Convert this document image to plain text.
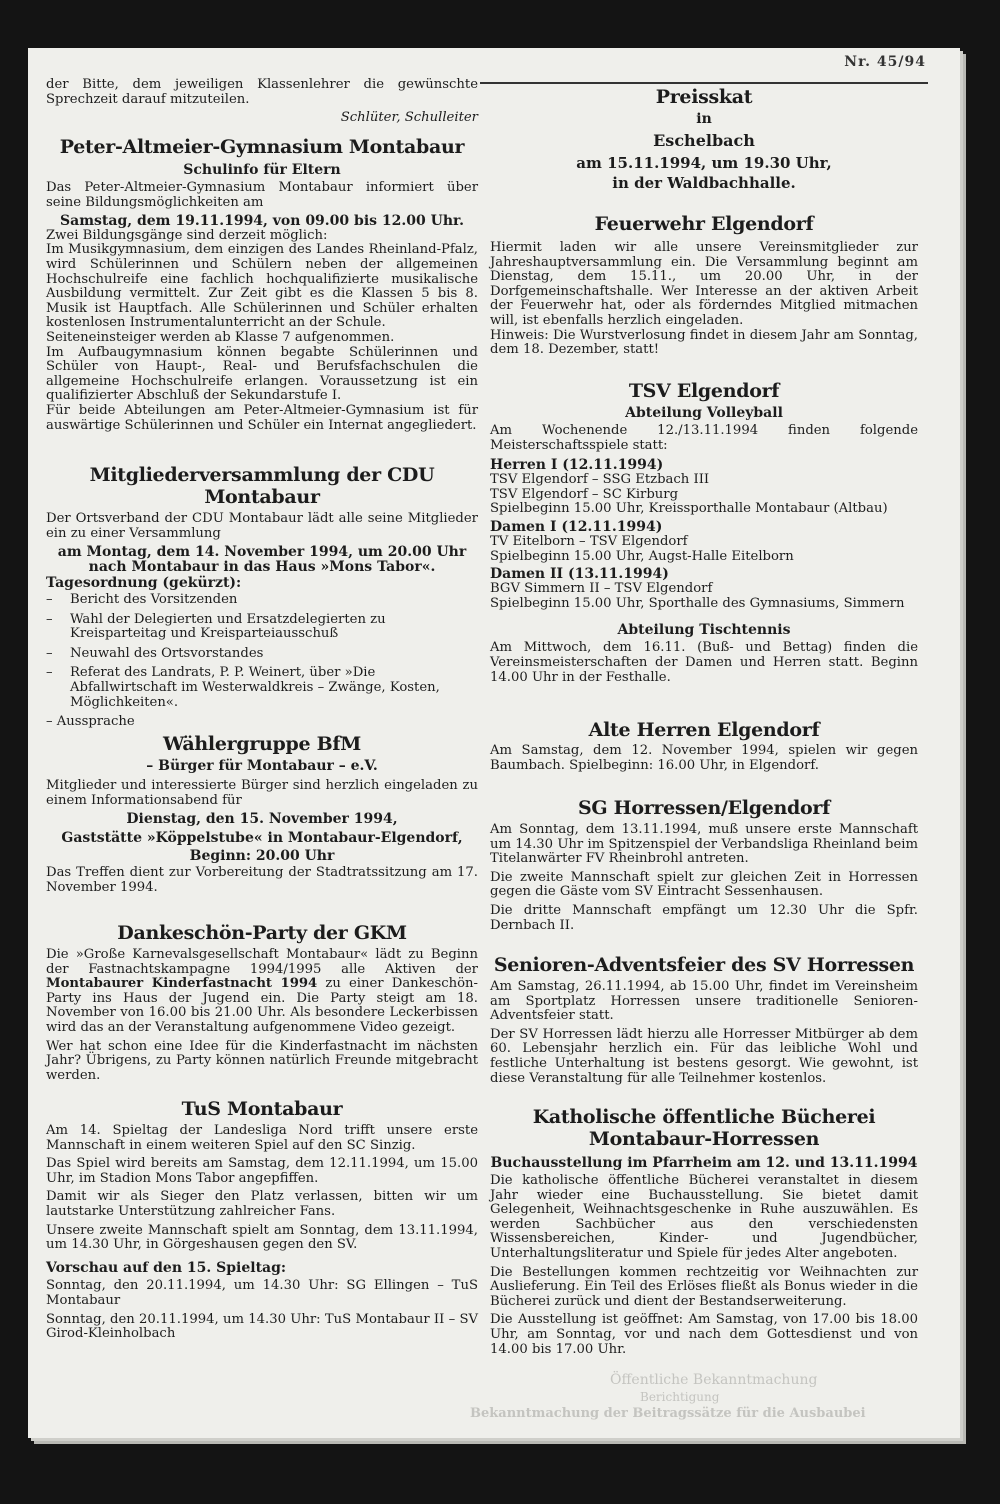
Nr. 45/94

der Bitte, dem jeweiligen Klassenlehrer die gewünschte Sprechzeit darauf mitzuteilen.

Schlüter, Schulleiter

Peter-Altmeier-Gymnasium Montabaur
Schulinfo für Eltern

Das Peter-Altmeier-Gymnasium Montabaur informiert über seine Bildungsmöglichkeiten am

Samstag, dem 19.11.1994, von 09.00 bis 12.00 Uhr.

Zwei Bildungsgänge sind derzeit möglich:

Im Musikgymnasium, dem einzigen des Landes Rheinland-Pfalz, wird Schülerinnen und Schülern neben der allgemeinen Hochschulreife eine fachlich hochqualifizierte musikalische Ausbildung vermittelt. Zur Zeit gibt es die Klassen 5 bis 8. Musik ist Hauptfach. Alle Schülerinnen und Schüler erhalten kostenlosen Instrumentalunterricht an der Schule.

Seiteneinsteiger werden ab Klasse 7 aufgenommen.

Im Aufbaugymnasium können begabte Schülerinnen und Schüler von Haupt-, Real- und Berufsfachschulen die allgemeine Hochschulreife erlangen. Voraussetzung ist ein qualifizierter Abschluß der Sekundarstufe I.

Für beide Abteilungen am Peter-Altmeier-Gymnasium ist für auswärtige Schülerinnen und Schüler ein Internat angegliedert.

Mitgliederversammlung der CDU Montabaur

Der Ortsverband der CDU Montabaur lädt alle seine Mitglieder ein zu einer Versammlung

am Montag, dem 14. November 1994, um 20.00 Uhr

nach Montabaur in das Haus »Mons Tabor«.

Tagesordnung (gekürzt):

– Bericht des Vorsitzenden
– Wahl der Delegierten und Ersatzdelegierten zu Kreisparteitag und Kreisparteiausschuß
– Neuwahl des Ortsvorstandes
– Referat des Landrats, P. P. Weinert, über »Die Abfallwirtschaft im Westerwaldkreis – Zwänge, Kosten, Möglichkeiten«.

– Aussprache

Wählergruppe BfM
– Bürger für Montabaur – e.V.

Mitglieder und interessierte Bürger sind herzlich eingeladen zu einem Informationsabend für

Dienstag, den 15. November 1994,

Gaststätte »Köppelstube« in Montabaur-Elgendorf,

Beginn: 20.00 Uhr

Das Treffen dient zur Vorbereitung der Stadtratssitzung am 17. November 1994.

Dankeschön-Party der GKM

Die »Große Karnevalsgesellschaft Montabaur« lädt zu Beginn der Fastnachtskampagne 1994/1995 alle Aktiven der Montabaurer Kinderfastnacht 1994 zu einer Dankeschön-Party ins Haus der Jugend ein. Die Party steigt am 18. November von 16.00 bis 21.00 Uhr. Als besondere Leckerbissen wird das an der Veranstaltung aufgenommene Video gezeigt.

Wer hat schon eine Idee für die Kinderfastnacht im nächsten Jahr? Übrigens, zu Party können natürlich Freunde mitgebracht werden.

TuS Montabaur

Am 14. Spieltag der Landesliga Nord trifft unsere erste Mannschaft in einem weiteren Spiel auf den SC Sinzig.

Das Spiel wird bereits am Samstag, dem 12.11.1994, um 15.00 Uhr, im Stadion Mons Tabor angepfiffen.

Damit wir als Sieger den Platz verlassen, bitten wir um lautstarke Unterstützung zahlreicher Fans.

Unsere zweite Mannschaft spielt am Sonntag, dem 13.11.1994, um 14.30 Uhr, in Görgeshausen gegen den SV.

Vorschau auf den 15. Spieltag:

Sonntag, den 20.11.1994, um 14.30 Uhr: SG Ellingen – TuS Montabaur

Sonntag, den 20.11.1994, um 14.30 Uhr: TuS Montabaur II – SV Girod-Kleinholbach

Preisskat
in
Eschelbach
am 15.11.1994, um 19.30 Uhr,
in der Waldbachhalle.
Feuerwehr Elgendorf

Hiermit laden wir alle unsere Vereinsmitglieder zur Jahreshauptversammlung ein. Die Versammlung beginnt am Dienstag, dem 15.11., um 20.00 Uhr, in der Dorfgemeinschaftshalle. Wer Interesse an der aktiven Arbeit der Feuerwehr hat, oder als förderndes Mitglied mitmachen will, ist ebenfalls herzlich eingeladen.

Hinweis: Die Wurstverlosung findet in diesem Jahr am Sonntag, dem 18. Dezember, statt!

TSV Elgendorf
Abteilung Volleyball

Am Wochenende 12./13.11.1994 finden folgende Meisterschaftsspiele statt:

Herren I (12.11.1994)

TSV Elgendorf – SSG Etzbach III

TSV Elgendorf – SC Kirburg

Spielbeginn 15.00 Uhr, Kreissporthalle Montabaur (Altbau)

Damen I (12.11.1994)

TV Eitelborn – TSV Elgendorf

Spielbeginn 15.00 Uhr, Augst-Halle Eitelborn

Damen II (13.11.1994)

BGV Simmern II – TSV Elgendorf

Spielbeginn 15.00 Uhr, Sporthalle des Gymnasiums, Simmern

Abteilung Tischtennis

Am Mittwoch, dem 16.11. (Buß- und Bettag) finden die Vereinsmeisterschaften der Damen und Herren statt. Beginn 14.00 Uhr in der Festhalle.

Alte Herren Elgendorf

Am Samstag, dem 12. November 1994, spielen wir gegen Baumbach. Spielbeginn: 16.00 Uhr, in Elgendorf.

SG Horressen/Elgendorf

Am Sonntag, dem 13.11.1994, muß unsere erste Mannschaft um 14.30 Uhr im Spitzenspiel der Verbandsliga Rheinland beim Titelanwärter FV Rheinbrohl antreten.

Die zweite Mannschaft spielt zur gleichen Zeit in Horressen gegen die Gäste vom SV Eintracht Sessenhausen.

Die dritte Mannschaft empfängt um 12.30 Uhr die Spfr. Dernbach II.

Senioren-Adventsfeier des SV Horressen

Am Samstag, 26.11.1994, ab 15.00 Uhr, findet im Vereinsheim am Sportplatz Horressen unsere traditionelle Senioren-Adventsfeier statt.

Der SV Horressen lädt hierzu alle Horresser Mitbürger ab dem 60. Lebensjahr herzlich ein. Für das leibliche Wohl und festliche Unterhaltung ist bestens gesorgt. Wie gewohnt, ist diese Veranstaltung für alle Teilnehmer kostenlos.

Katholische öffentliche Bücherei
Montabaur-Horressen
Buchausstellung im Pfarrheim am 12. und 13.11.1994

Die katholische öffentliche Bücherei veranstaltet in diesem Jahr wieder eine Buchausstellung. Sie bietet damit Gelegenheit, Weihnachtsgeschenke in Ruhe auszuwählen. Es werden Sachbücher aus den verschiedensten Wissensbereichen, Kinder- und Jugendbücher, Unterhaltungsliteratur und Spiele für jedes Alter angeboten.

Die Bestellungen kommen rechtzeitig vor Weihnachten zur Auslieferung. Ein Teil des Erlöses fließt als Bonus wieder in die Bücherei zurück und dient der Bestandserweiterung.

Die Ausstellung ist geöffnet: Am Samstag, von 17.00 bis 18.00 Uhr, am Sonntag, vor und nach dem Gottesdienst und von 14.00 bis 17.00 Uhr.

Öffentliche Bekanntmachung
Berichtigung
Bekanntmachung der Beitragssätze für die Ausbaubei
